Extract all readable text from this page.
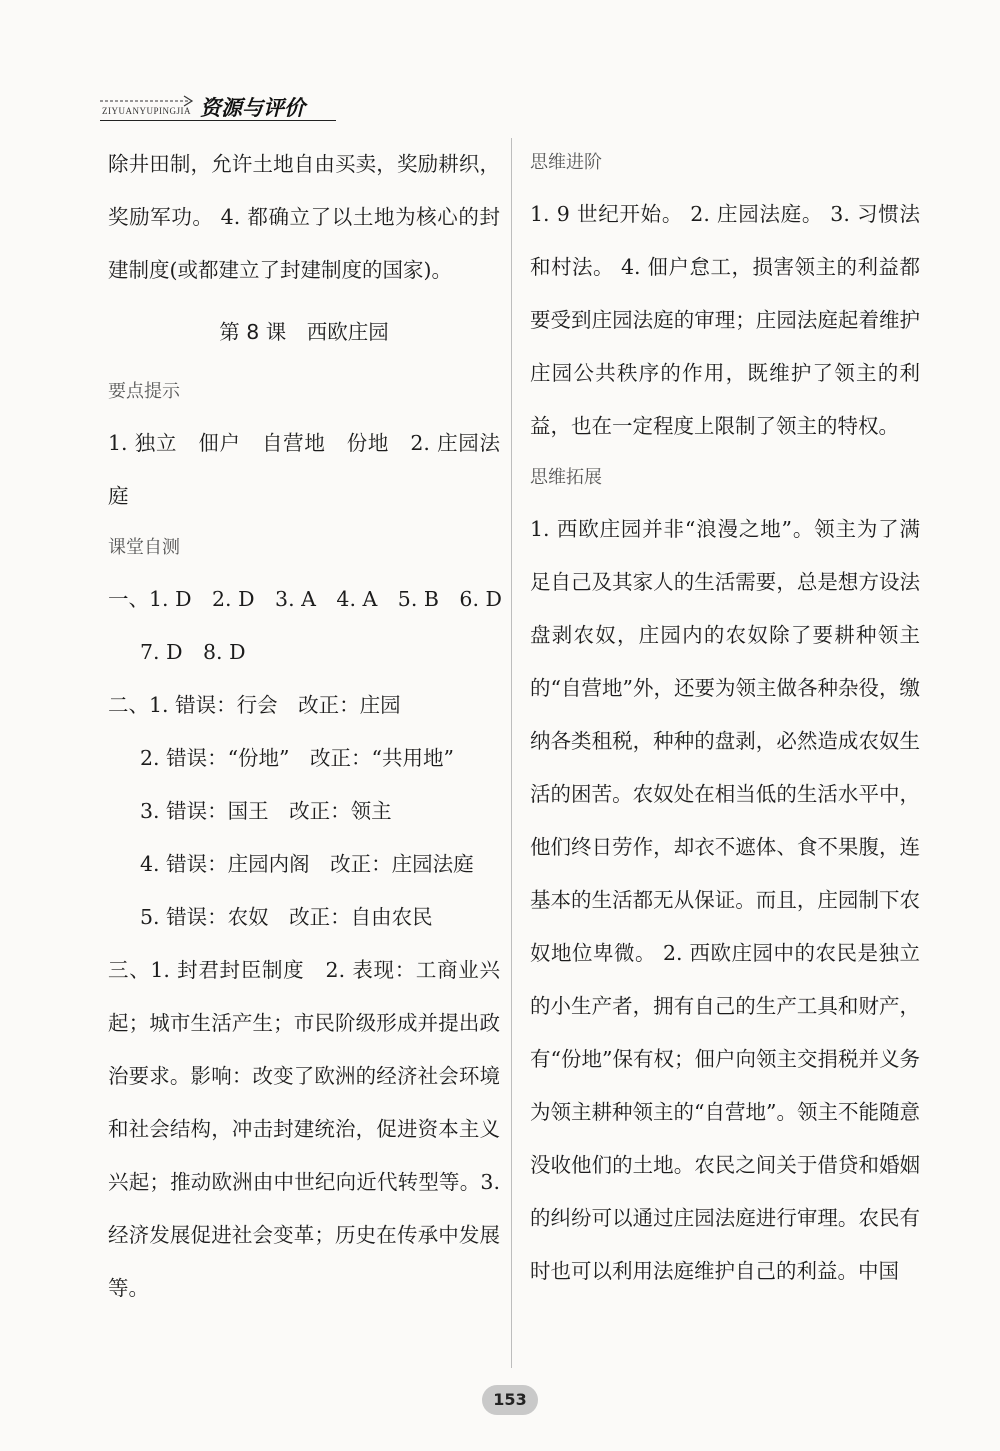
ZIYUANYUPINGJIA 资源与评价

除井田制，允许土地自由买卖，奖励耕织，奖励军功。 4. 都确立了以土地为核心的封建制度(或都建立了封建制度的国家)。

第 8 课　西欧庄园

要点提示

1. 独立　佃户　自营地　份地　2. 庄园法庭

课堂自测

一、1. D　2. D　3. A　4. A　5. B　6. D

7. D　8. D

二、1. 错误：行会　改正：庄园

2. 错误：“份地”　改正：“共用地”

3. 错误：国王　改正：领主

4. 错误：庄园内阁　改正：庄园法庭

5. 错误：农奴　改正：自由农民

三、1. 封君封臣制度　2. 表现：工商业兴起；城市生活产生；市民阶级形成并提出政治要求。影响：改变了欧洲的经济社会环境和社会结构，冲击封建统治，促进资本主义兴起；推动欧洲由中世纪向近代转型等。3. 经济发展促进社会变革；历史在传承中发展等。

思维进阶

1. 9 世纪开始。 2. 庄园法庭。 3. 习惯法和村法。 4. 佃户怠工，损害领主的利益都要受到庄园法庭的审理；庄园法庭起着维护庄园公共秩序的作用，既维护了领主的利益，也在一定程度上限制了领主的特权。

思维拓展

1. 西欧庄园并非“浪漫之地”。领主为了满足自己及其家人的生活需要，总是想方设法盘剥农奴，庄园内的农奴除了要耕种领主的“自营地”外，还要为领主做各种杂役，缴纳各类租税，种种的盘剥，必然造成农奴生活的困苦。农奴处在相当低的生活水平中，他们终日劳作，却衣不遮体、食不果腹，连基本的生活都无从保证。而且，庄园制下农奴地位卑微。 2. 西欧庄园中的农民是独立的小生产者，拥有自己的生产工具和财产，有“份地”保有权；佃户向领主交捐税并义务为领主耕种领主的“自营地”。领主不能随意没收他们的土地。农民之间关于借贷和婚姻的纠纷可以通过庄园法庭进行审理。农民有时也可以利用法庭维护自己的利益。中国

153
